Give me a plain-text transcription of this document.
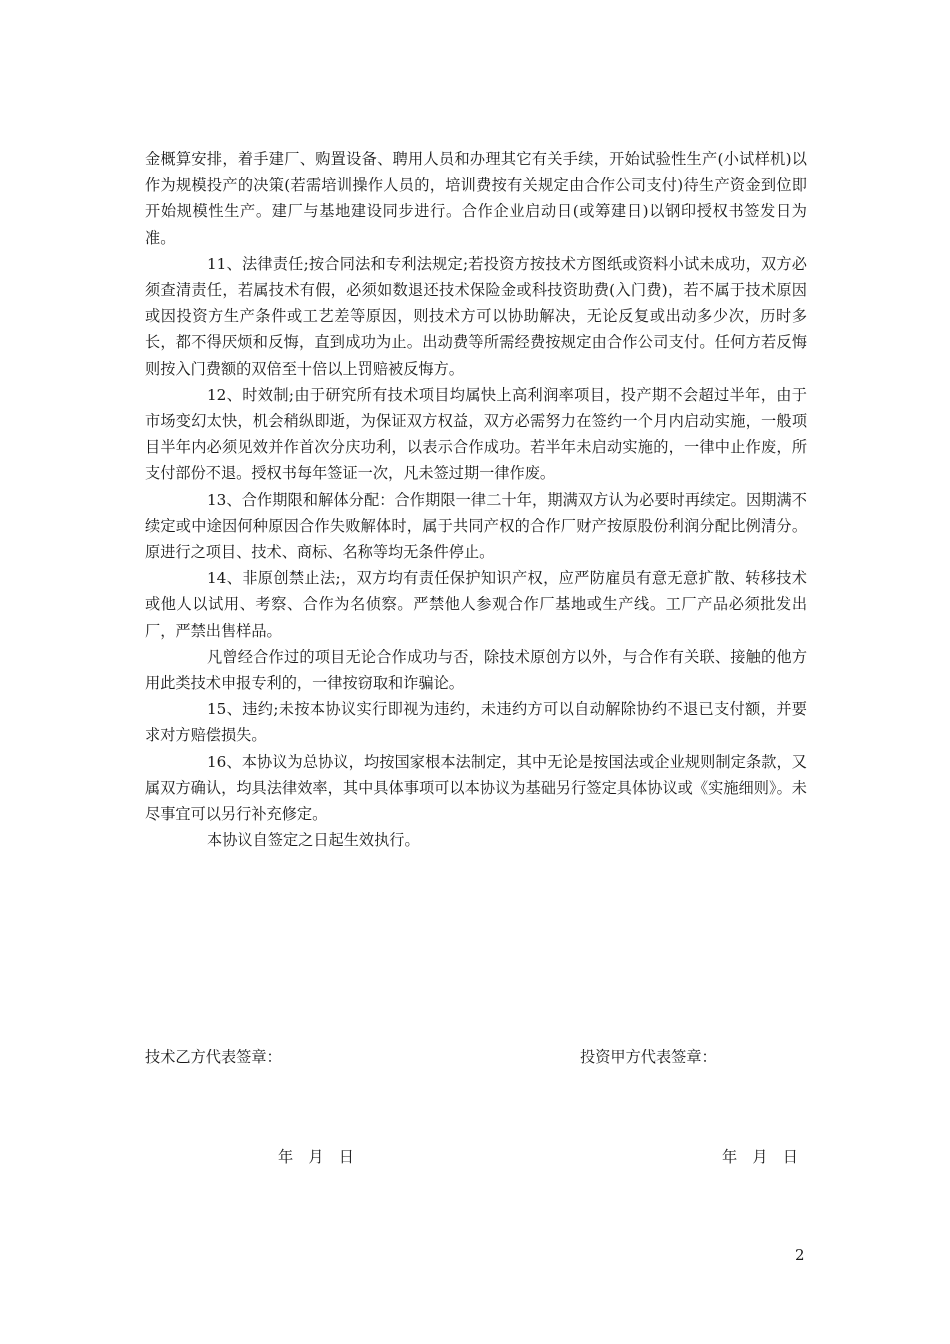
金概算安排，着手建厂、购置设备、聘用人员和办理其它有关手续，开始试验性生产(小试样机)以作为规模投产的决策(若需培训操作人员的，培训费按有关规定由合作公司支付)待生产资金到位即开始规模性生产。建厂与基地建设同步进行。合作企业启动日(或筹建日)以钢印授权书签发日为准。

11、法律责任;按合同法和专利法规定;若投资方按技术方图纸或资料小试未成功，双方必须查清责任，若属技术有假，必须如数退还技术保险金或科技资助费(入门费)，若不属于技术原因或因投资方生产条件或工艺差等原因，则技术方可以协助解决，无论反复或出动多少次，历时多长，都不得厌烦和反悔，直到成功为止。出动费等所需经费按规定由合作公司支付。任何方若反悔则按入门费额的双倍至十倍以上罚赔被反悔方。

12、时效制;由于研究所有技术项目均属快上高利润率项目，投产期不会超过半年，由于市场变幻太快，机会稍纵即逝，为保证双方权益，双方必需努力在签约一个月内启动实施，一般项目半年内必须见效并作首次分庆功利，以表示合作成功。若半年未启动实施的，一律中止作废，所支付部份不退。授权书每年签证一次，凡未签过期一律作废。

13、合作期限和解体分配：合作期限一律二十年，期满双方认为必要时再续定。因期满不续定或中途因何种原因合作失败解体时，属于共同产权的合作厂财产按原股份利润分配比例清分。原进行之项目、技术、商标、名称等均无条件停止。

14、非原创禁止法;，双方均有责任保护知识产权，应严防雇员有意无意扩散、转移技术或他人以试用、考察、合作为名侦察。严禁他人参观合作厂基地或生产线。工厂产品必须批发出厂，严禁出售样品。

凡曾经合作过的项目无论合作成功与否，除技术原创方以外，与合作有关联、接触的他方用此类技术申报专利的，一律按窃取和诈骗论。

15、违约;未按本协议实行即视为违约，未违约方可以自动解除协约不退已支付额，并要求对方赔偿损失。

16、本协议为总协议，均按国家根本法制定，其中无论是按国法或企业规则制定条款，又属双方确认，均具法律效率，其中具体事项可以本协议为基础另行签定具体协议或《实施细则》。未尽事宜可以另行补充修定。

本协议自签定之日起生效执行。

技术乙方代表签章：	投资甲方代表签章：
年　月　日	年　月　日
2
